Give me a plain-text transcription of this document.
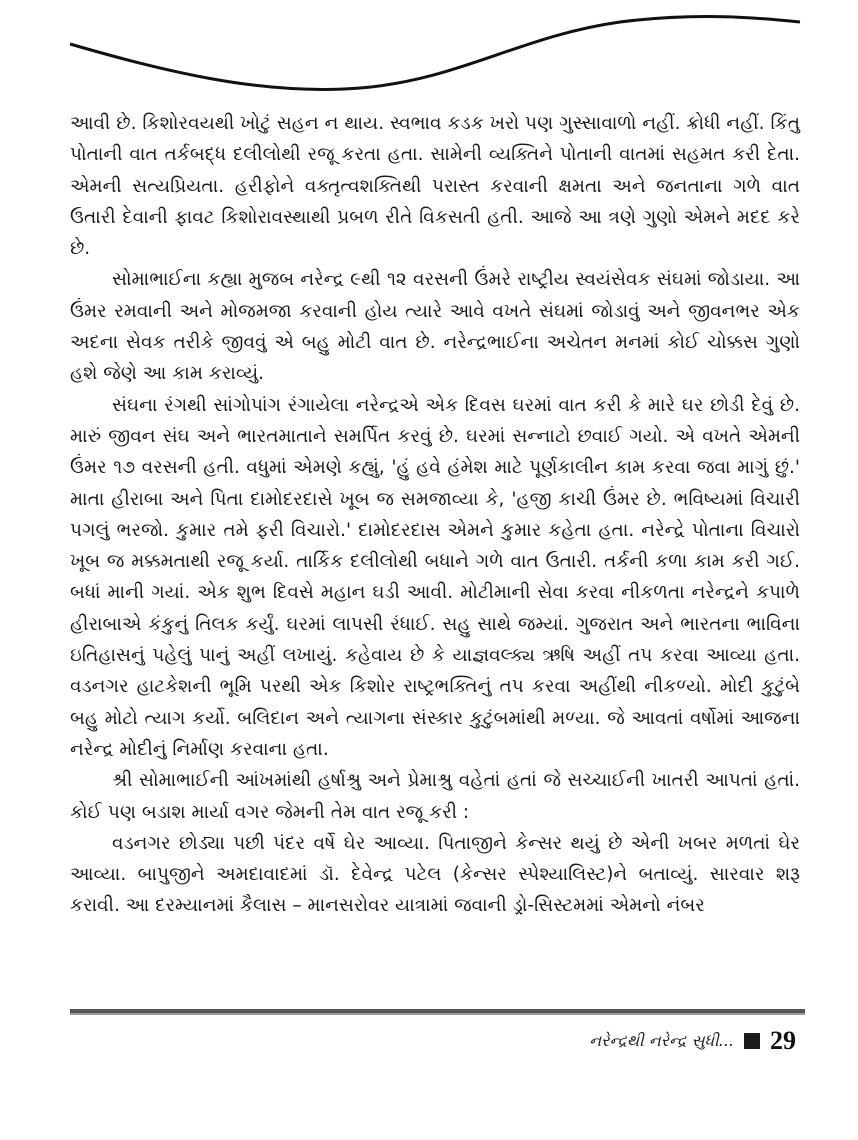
આવી છે. કિશોરવયથી ખોટું સહન ન થાય. સ્વભાવ કડક ખરો પણ ગુસ્સાવાળો નહીં. ક્રોધી નહીં. કિંતુ પોતાની વાત તર્કબદ્ધ દલીલોથી રજૂ કરતા હતા. સામેની વ્યક્તિને પોતાની વાતમાં સહમત કરી દેતા. એમની સત્યપ્રિયતા. હરીફોને વક્તૃત્વશક્તિથી પરાસ્ત કરવાની ક્ષમતા અને જનતાના ગળે વાત ઉતારી દેવાની ફાવટ કિશોરાવસ્થાથી પ્રબળ રીતે વિકસતી હતી. આજે આ ત્રણે ગુણો એમને મદદ કરે છે.

સોમાભાઈના કહ્યા મુજબ નરેન્દ્ર ૯થી ૧૨ વરસની ઉંમરે રાષ્ટ્રીય સ્વયંસેવક સંઘમાં જોડાયા. આ ઉંમર રમવાની અને મોજમજા કરવાની હોય ત્યારે આવે વખતે સંઘમાં જોડાવું અને જીવનભર એક અદના સેવક તરીકે જીવવું એ બહુ મોટી વાત છે. નરેન્દ્રભાઈના અચેતન મનમાં કોઈ ચોક્કસ ગુણો હશે જેણે આ કામ કરાવ્યું.

સંઘના રંગથી સાંગોપાંગ રંગાયેલા નરેન્દ્રએ એક દિવસ ઘરમાં વાત કરી કે મારે ઘર છોડી દેવું છે. મારું જીવન સંઘ અને ભારતમાતાને સમર્પિત કરવું છે. ઘરમાં સન્નાટો છવાઈ ગયો. એ વખતે એમની ઉંમર ૧૭ વરસની હતી. વધુમાં એમણે કહ્યું, 'હું હવે હંમેશ માટે પૂર્ણકાલીન કામ કરવા જવા માગું છું.' માતા હીરાબા અને પિતા દામોદરદાસે ખૂબ જ સમજાવ્યા કે, 'હજી કાચી ઉંમર છે. ભવિષ્યમાં વિચારી પગલું ભરજો. કુમાર તમે ફરી વિચારો.' દામોદરદાસ એમને કુમાર કહેતા હતા. નરેન્દ્રે પોતાના વિચારો ખૂબ જ મક્કમતાથી રજૂ કર્યા. તાર્કિક દલીલોથી બધાને ગળે વાત ઉતારી. તર્કની કળા કામ કરી ગઈ. બધાં માની ગયાં. એક શુભ દિવસે મહાન ઘડી આવી. મોટીમાની સેવા કરવા નીકળતા નરેન્દ્રને કપાળે હીરાબાએ કંકુનું તિલક કર્યું. ઘરમાં લાપસી રંધાઈ. સહુ સાથે જમ્યાં. ગુજરાત અને ભારતના ભાવિના ઇતિહાસનું પહેલું પાનું અહીં લખાયું. કહેવાય છે કે યાજ્ઞવલ્ક્ય ઋષિ અહીં તપ કરવા આવ્યા હતા. વડનગર હાટકેશની ભૂમિ પરથી એક કિશોર રાષ્ટ્રભક્તિનું તપ કરવા અહીંથી નીકળ્યો. મોદી કુટુંબે બહુ મોટો ત્યાગ કર્યો. બલિદાન અને ત્યાગના સંસ્કાર કુટુંબમાંથી મળ્યા. જે આવતાં વર્ષોમાં આજના નરેન્દ્ર મોદીનું નિર્માણ કરવાના હતા.

શ્રી સોમાભાઈની આંખમાંથી હર્ષાશ્રુ અને પ્રેમાશ્રુ વહેતાં હતાં જે સચ્ચાઈની ખાતરી આપતાં હતાં. કોઈ પણ બડાશ માર્યા વગર જેમની તેમ વાત રજૂ કરી :

વડનગર છોડ્યા પછી પંદર વર્ષે ઘેર આવ્યા. પિતાજીને કેન્સર થયું છે એની ખબર મળતાં ઘેર આવ્યા. બાપુજીને અમદાવાદમાં ડૉ. દેવેન્દ્ર પટેલ (કેન્સર સ્પેશ્યાલિસ્ટ)ને બતાવ્યું. સારવાર શરૂ કરાવી. આ દરમ્યાનમાં કૈલાસ – માનસરોવર યાત્રામાં જવાની ડ્રો-સિસ્ટમમાં એમનો નંબર

નરેન્દ્રથી નરેન્દ્ર સુધી... 29
